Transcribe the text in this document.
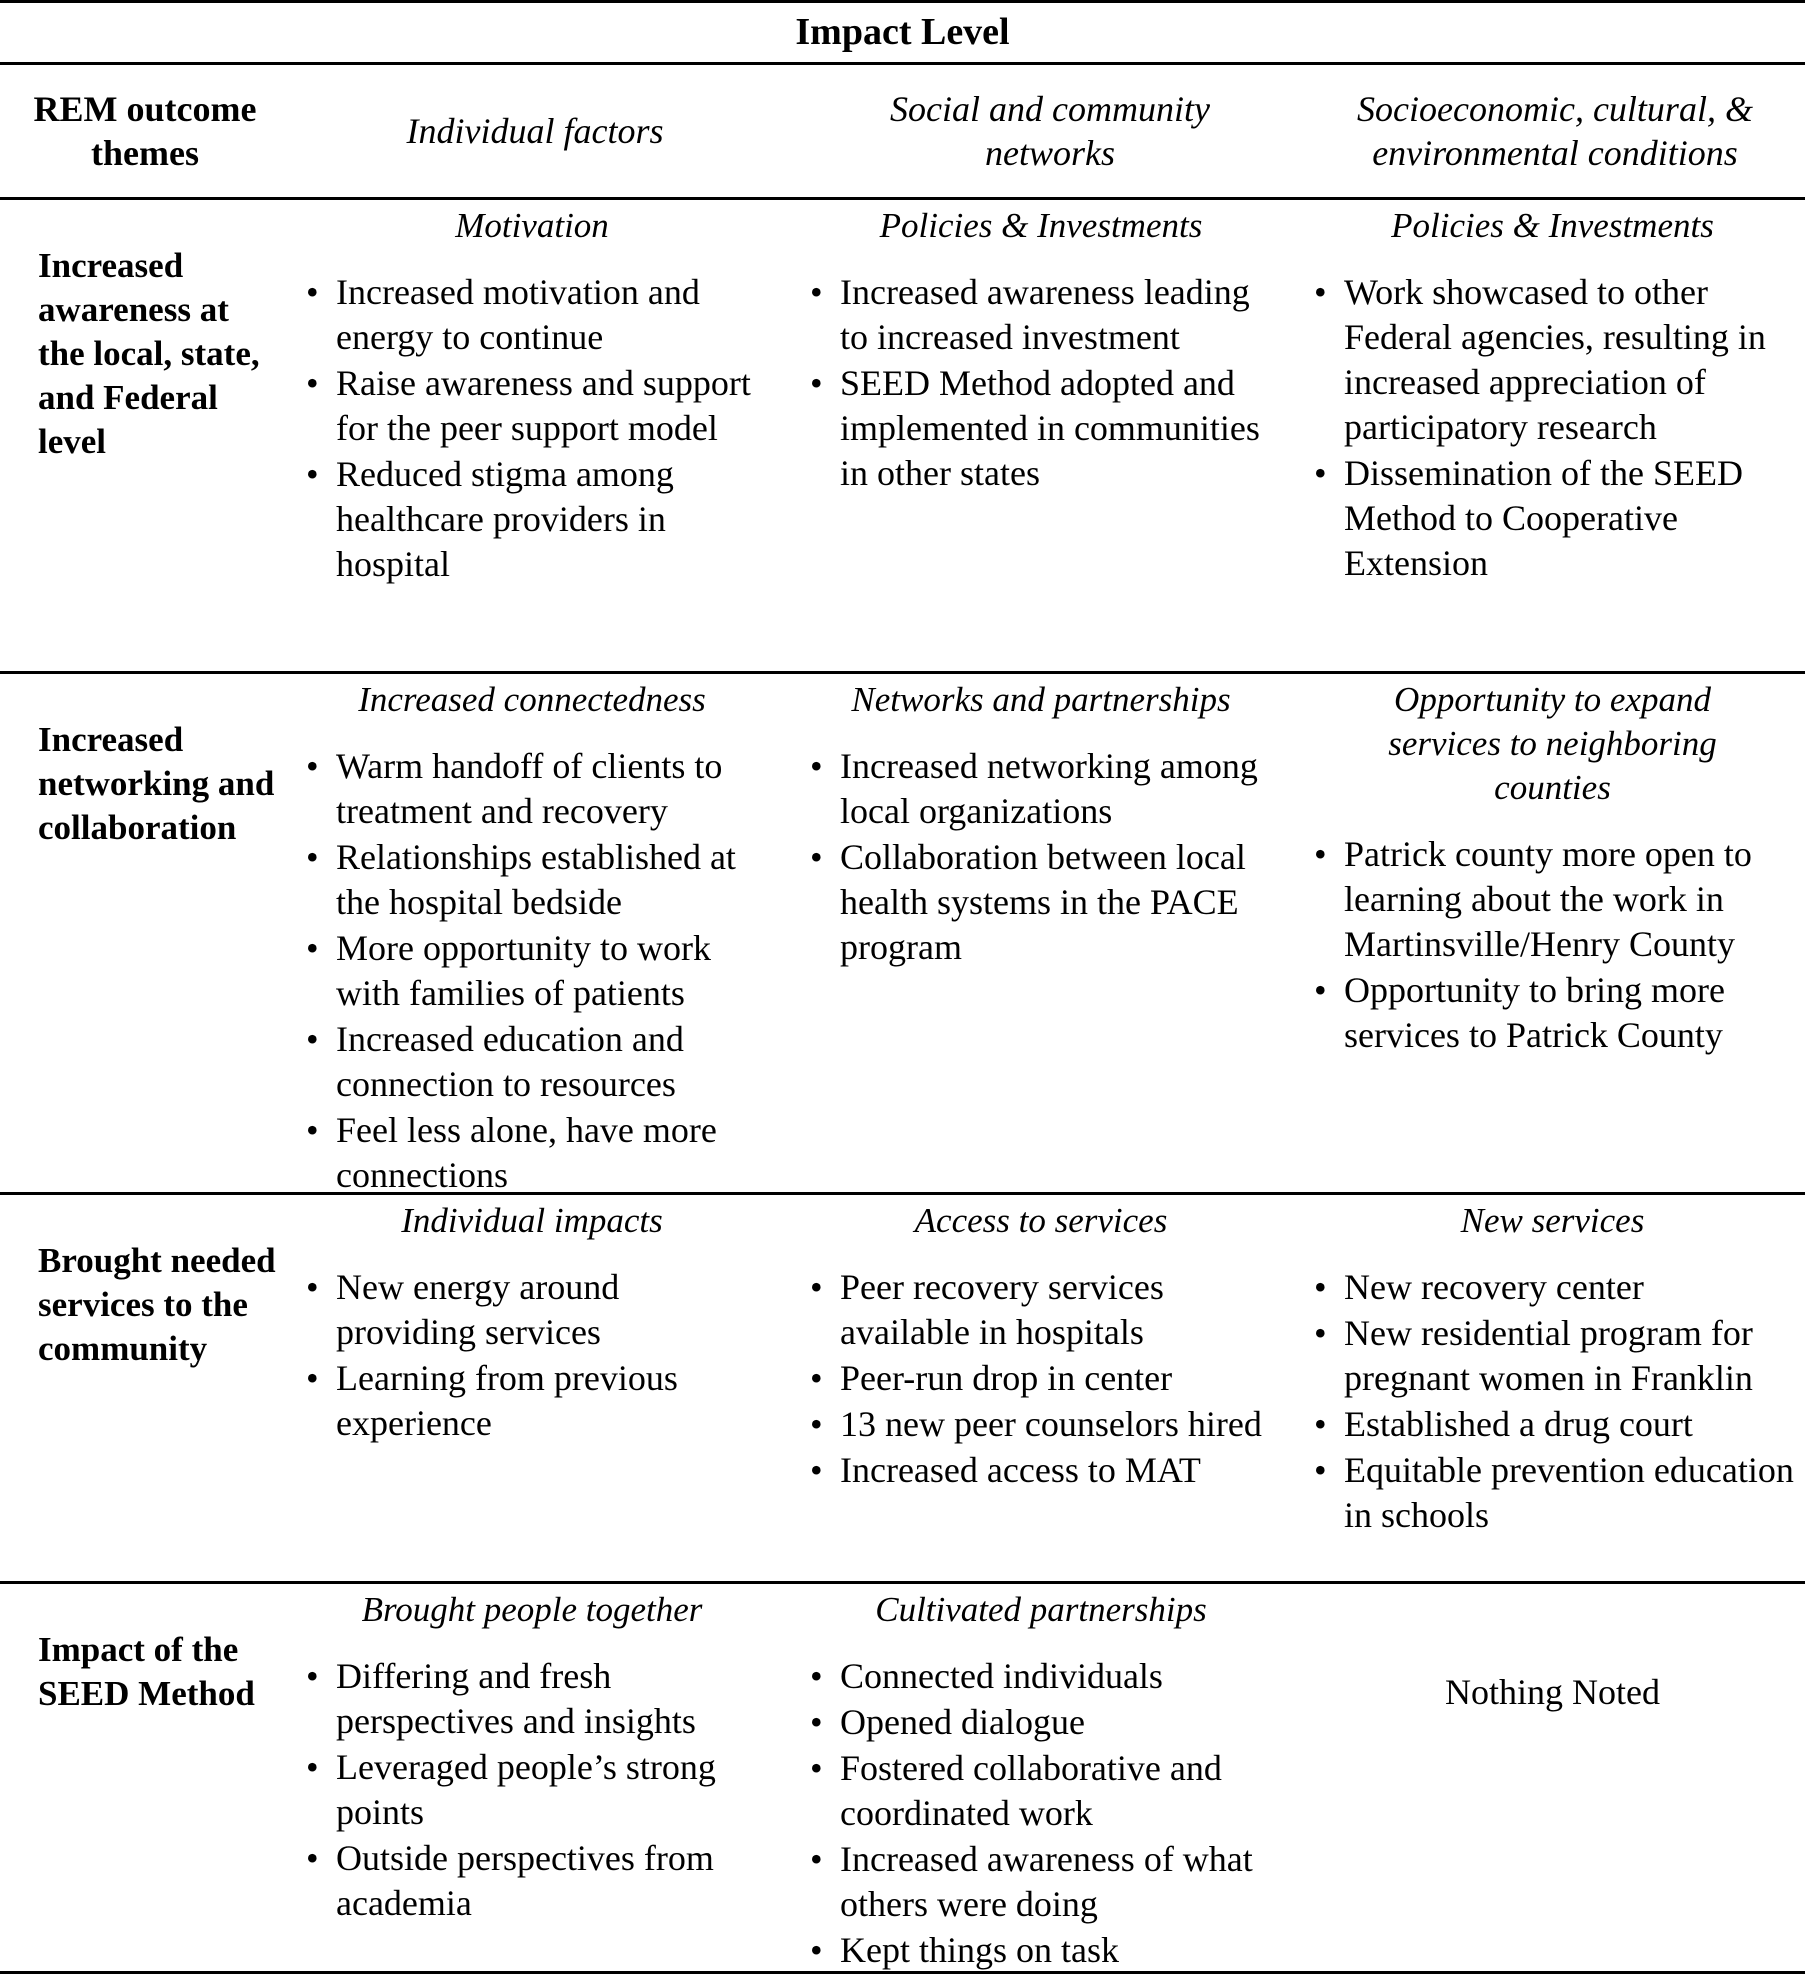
Impact Level
REM outcome themes
Individual factors
Social and community networks
Socioeconomic, cultural, & environmental conditions
Increased awareness at the local, state, and Federal level
Motivation
• Increased motivation and energy to continue
• Raise awareness and support for the peer support model
• Reduced stigma among healthcare providers in hospital
Policies & Investments
• Increased awareness leading to increased investment
• SEED Method adopted and implemented in communities in other states
Policies & Investments
• Work showcased to other Federal agencies, resulting in increased appreciation of participatory research
• Dissemination of the SEED Method to Cooperative Extension
Increased networking and collaboration
Increased connectedness
• Warm handoff of clients to treatment and recovery
• Relationships established at the hospital bedside
• More opportunity to work with families of patients
• Increased education and connection to resources
• Feel less alone, have more connections
Networks and partnerships
• Increased networking among local organizations
• Collaboration between local health systems in the PACE program
Opportunity to expand services to neighboring counties
• Patrick county more open to learning about the work in Martinsville/Henry County
• Opportunity to bring more services to Patrick County
Brought needed services to the community
Individual impacts
• New energy around providing services
• Learning from previous experience
Access to services
• Peer recovery services available in hospitals
• Peer-run drop in center
• 13 new peer counselors hired
• Increased access to MAT
New services
• New recovery center
• New residential program for pregnant women in Franklin
• Established a drug court
• Equitable prevention education in schools
Impact of the SEED Method
Brought people together
• Differing and fresh perspectives and insights
• Leveraged people’s strong points
• Outside perspectives from academia
Cultivated partnerships
• Connected individuals
• Opened dialogue
• Fostered collaborative and coordinated work
• Increased awareness of what others were doing
• Kept things on task
Nothing Noted
